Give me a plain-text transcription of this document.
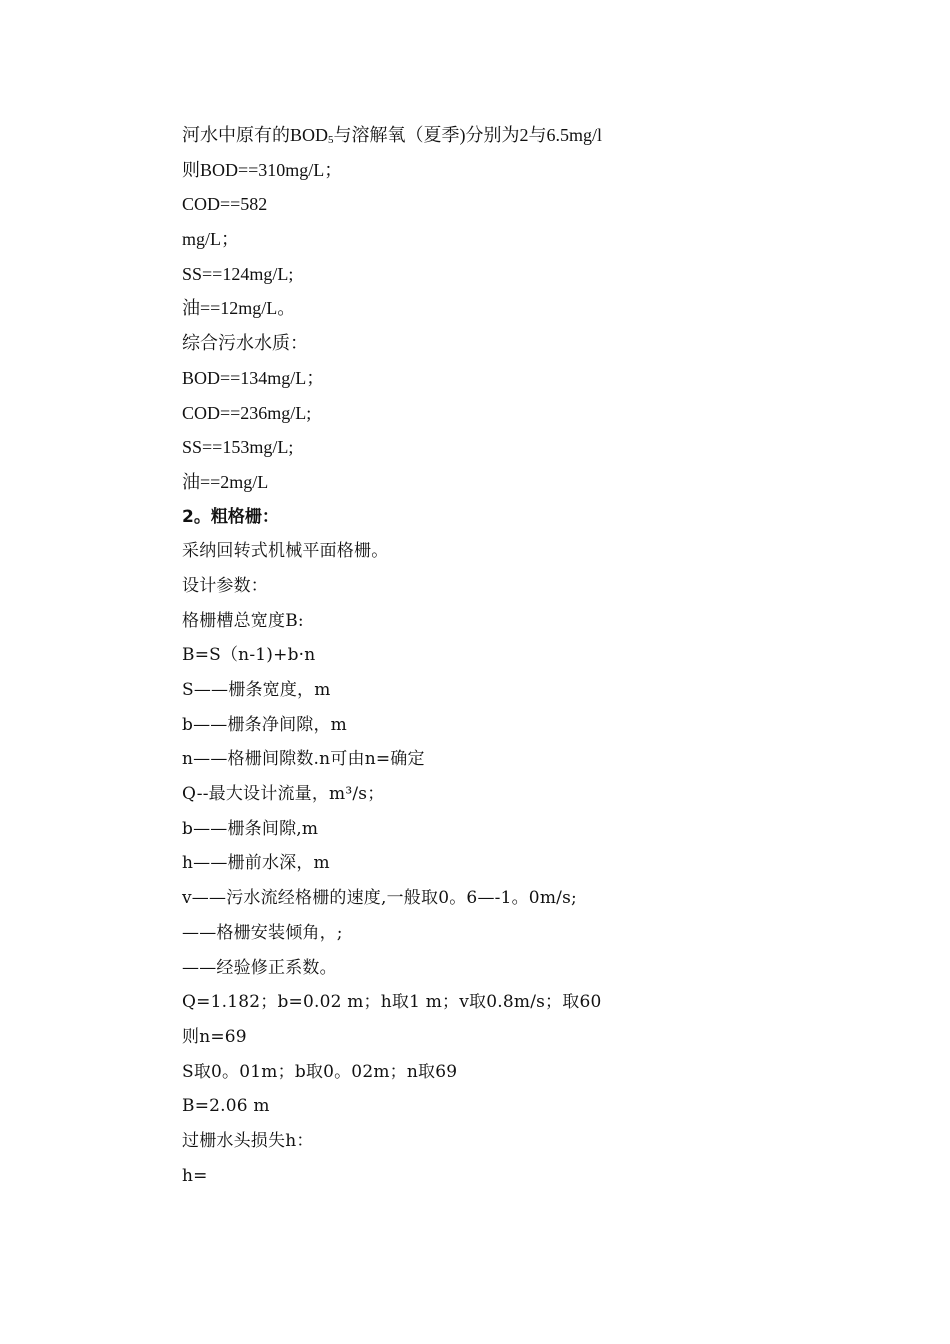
河水中原有的$BOD_5$与溶解氧（夏季)分别为2与6.5mg/l
则BOD==310mg/L；
COD==582
mg/L；
SS==124mg/L;
油==12mg/L。
综合污水水质：
BOD==134mg/L；
COD==236mg/L;
SS==153mg/L;
油==2mg/L
2。粗格栅：
采纳回转式机械平面格栅。
设计参数：
格栅槽总宽度B:
B=S（n-1)+b·n
S——栅条宽度，m
b——栅条净间隙，m
n——格栅间隙数.n可由n=确定
Q--最大设计流量，m³/s；
b——栅条间隙,m
h——栅前水深，m
v——污水流经格栅的速度,一般取0。6—-1。0m/s;
——格栅安装倾角，;
——经验修正系数。
Q=1.182；b=0.02 m；h取1 m；v取0.8m/s；取60
则n=69
S取0。01m；b取0。02m；n取69
B=2.06 m
过栅水头损失h：
h=
